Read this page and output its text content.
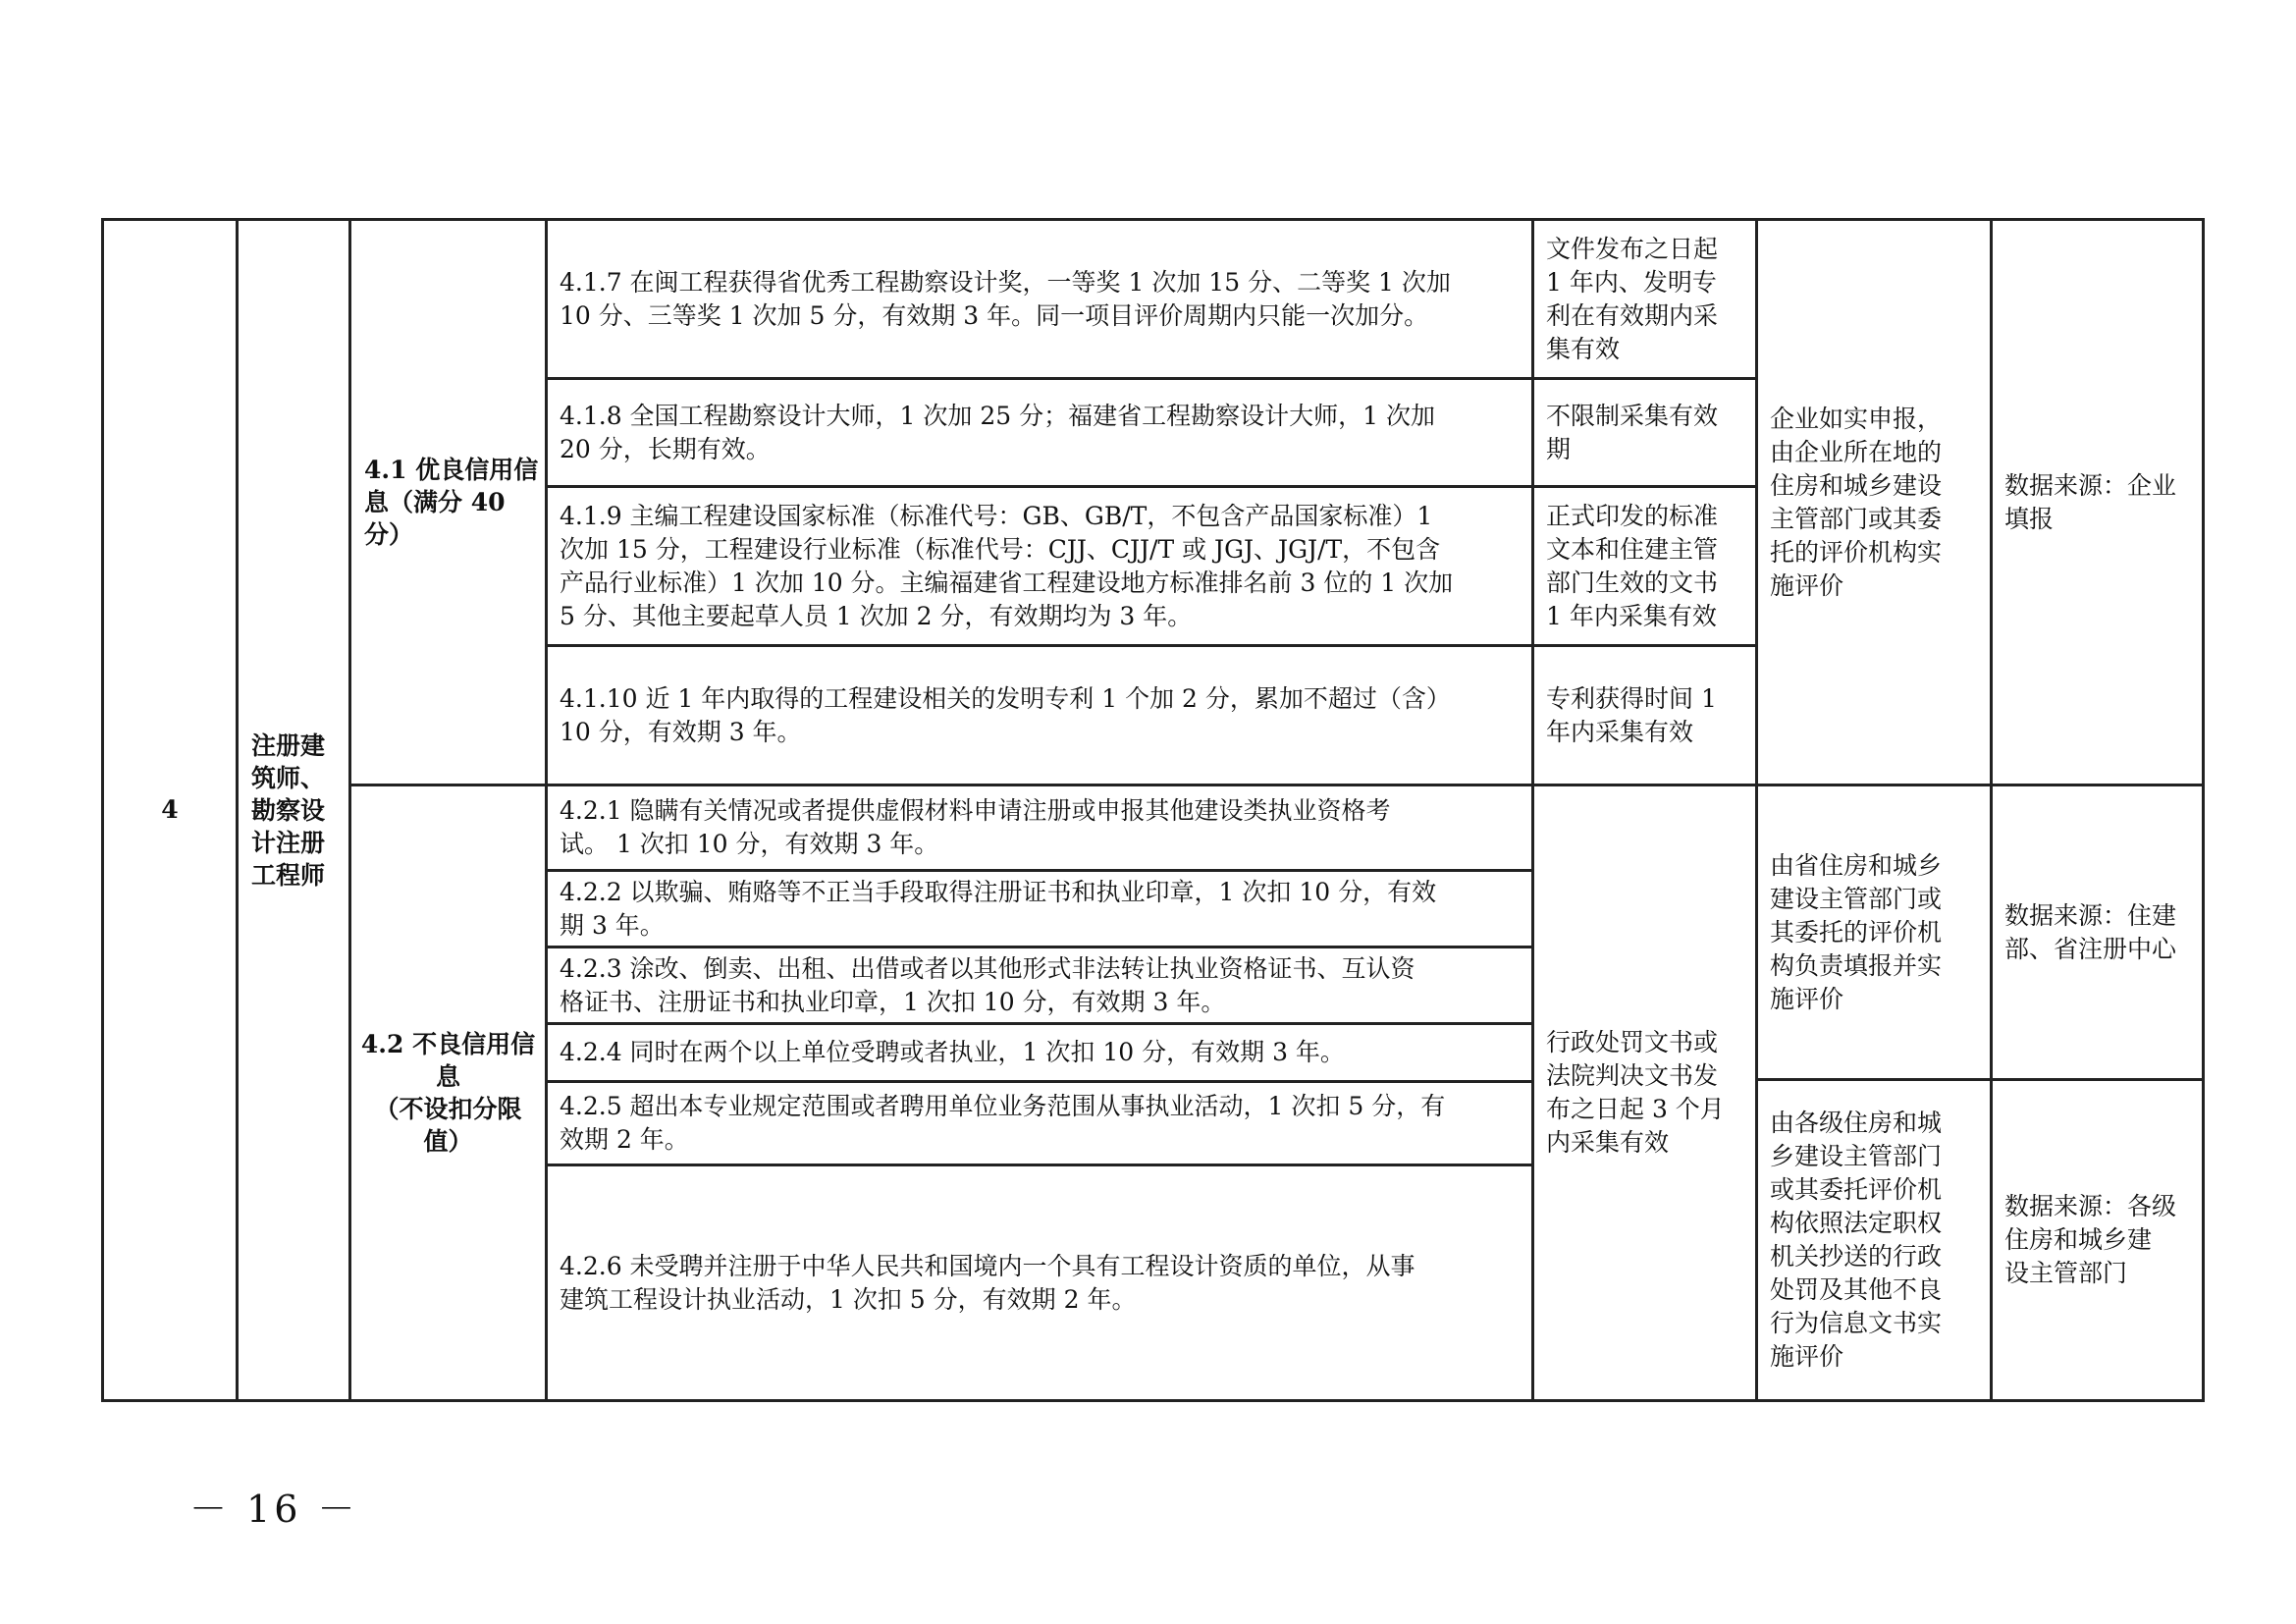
4
注册建
筑师、
勘察设
计注册
工程师
4.1 优良信用信
息（满分 40 分）
4.2 不良信用信
息
（不设扣分限
值）
4.1.7 在闽工程获得省优秀工程勘察设计奖，一等奖 1 次加 15 分、二等奖 1 次加
10 分、三等奖 1 次加 5 分，有效期 3 年。同一项目评价周期内只能一次加分。
4.1.8 全国工程勘察设计大师，1 次加 25 分；福建省工程勘察设计大师，1 次加
20 分，长期有效。
4.1.9 主编工程建设国家标准（标准代号：GB、GB/T，不包含产品国家标准）1
次加 15 分，工程建设行业标准（标准代号：CJJ、CJJ/T 或 JGJ、JGJ/T，不包含
产品行业标准）1 次加 10 分。主编福建省工程建设地方标准排名前 3 位的 1 次加
5 分、其他主要起草人员 1 次加 2 分，有效期均为 3 年。
4.1.10 近 1 年内取得的工程建设相关的发明专利 1 个加 2 分，累加不超过（含）
10 分，有效期 3 年。
文件发布之日起
1 年内、发明专
利在有效期内采
集有效
不限制采集有效
期
正式印发的标准
文本和住建主管
部门生效的文书
1 年内采集有效
专利获得时间 1
年内采集有效
企业如实申报，
由企业所在地的
住房和城乡建设
主管部门或其委
托的评价机构实
施评价
数据来源：企业
填报
4.2.1 隐瞒有关情况或者提供虚假材料申请注册或申报其他建设类执业资格考
试。 1 次扣 10 分，有效期 3 年。
4.2.2 以欺骗、贿赂等不正当手段取得注册证书和执业印章，1 次扣 10 分，有效
期 3 年。
4.2.3 涂改、倒卖、出租、出借或者以其他形式非法转让执业资格证书、互认资
格证书、注册证书和执业印章，1 次扣 10 分，有效期 3 年。
4.2.4 同时在两个以上单位受聘或者执业，1 次扣 10 分，有效期 3 年。
4.2.5 超出本专业规定范围或者聘用单位业务范围从事执业活动，1 次扣 5 分，有
效期 2 年。
4.2.6 未受聘并注册于中华人民共和国境内一个具有工程设计资质的单位，从事
建筑工程设计执业活动，1 次扣 5 分，有效期 2 年。
行政处罚文书或
法院判决文书发
布之日起 3 个月
内采集有效
由省住房和城乡
建设主管部门或
其委托的评价机
构负责填报并实
施评价
数据来源：住建
部、省注册中心
由各级住房和城
乡建设主管部门
或其委托评价机
构依照法定职权
机关抄送的行政
处罚及其他不良
行为信息文书实
施评价
数据来源：各级
住房和城乡建
设主管部门
－ 16 －
